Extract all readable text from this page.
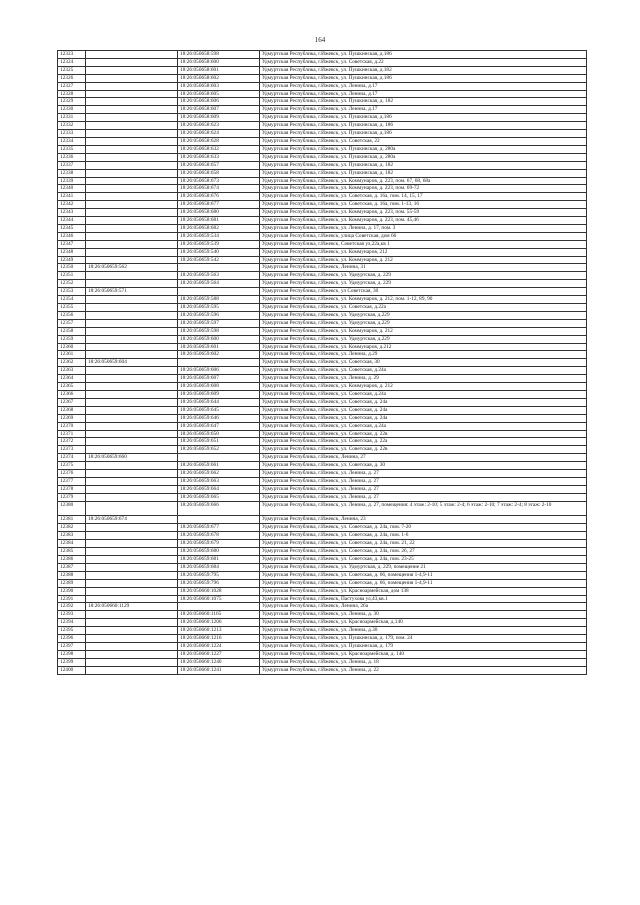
164
12323		18:26:050658:598	Удмуртская Республика, г.Ижевск, ул. Пушкинская, д.186
12324		18:26:050658:600	Удмуртская Республика, г.Ижевск, ул. Советская, д.22
12325		18:26:050658:601	Удмуртская Республика, г.Ижевск, ул. Пушкинская, д.182
12326		18:26:050658:602	Удмуртская Республика, г.Ижевск, ул. Пушкинская, д.186
12327		18:26:050658:603	Удмуртская Республика, г.Ижевск, ул. Ленина, д.17
12328		18:26:050658:605	Удмуртская Республика, г.Ижевск, ул. Ленина, д.17
12329		18:26:050658:606	Удмуртская Республика, г.Ижевск, ул. Пушкинская, д. 182
12330		18:26:050658:607	Удмуртская Республика, г.Ижевск, ул. Ленина, д.17
12331		18:26:050658:609	Удмуртская Республика, г.Ижевск, ул. Пушкинская, д.186
12332		18:26:050658:623	Удмуртская Республика, г.Ижевск, ул. Пушкинская, д. 186
12333		18:26:050658:624	Удмуртская Республика, г.Ижевск, ул. Пушкинская, д.186
12334		18:26:050658:628	Удмуртская Республика, г.Ижевск, ул. Советская, 22
12335		18:26:050658:632	Удмуртская Республика, г.Ижевск, ул. Пушкинская, д. 280а
12336		18:26:050658:633	Удмуртская Республика, г.Ижевск, ул. Пушкинская, д. 280а
12337		18:26:050658:657	Удмуртская Республика, г.Ижевск, ул. Пушкинская, д. 182
12338		18:26:050658:658	Удмуртская Республика, г.Ижевск, ул. Пушкинская, д. 182
12339		18:26:050658:673	Удмуртская Республика, г.Ижевск, ул. Коммунаров, д. 223, пом. 67, 68, 68а
12340		18:26:050658:674	Удмуртская Республика, г.Ижевск, ул. Коммунаров, д. 223, пом. 69-72
12341		18:26:050658:676	Удмуртская Республика, г.Ижевск, ул. Советская, д. 16а, пом. 14, 15, 17
12342		18:26:050658:677	Удмуртская Республика, г.Ижевск, ул. Советская, д. 16а, пом. 1-13, 16
12343		18:26:050658:680	Удмуртская Республика, г.Ижевск, ул. Коммунаров, д. 223, пом. 55-59
12344		18:26:050658:681	Удмуртская Республика, г.Ижевск, ул. Коммунаров, д. 223, пом. 45,46
12345		18:26:050658:682	Удмуртская Республика, г.Ижевск, ул. Ленина, д. 17, пом. 3
12346		18:26:050659:534	Удмуртская Республика, г.Ижевск, улица Советская, дом 66
12347		18:26:050659:539	Удмуртская Республика, г.Ижевск, Советская ул,22а,кв 1
12348		18:26:050659:540	Удмуртская Республика, г.Ижевск, ул. Коммунаров, 212
12349		18:26:050659:542	Удмуртская Республика, г.Ижевск, ул. Коммунаров, д. 212
12350	18:26:050659:562		Удмуртская Республика, г.Ижевск, Ленина, 31
12351		18:26:050659:563	Удмуртская Республика, г.Ижевск, ул. Удмуртская, д. 229
12352		18:26:050659:564	Удмуртская Республика, г.Ижевск, ул. Удмуртская, д. 229
12353	18:26:050659:571		Удмуртская Республика, г.Ижевск, ул Советская, 30
12354		18:26:050659:588	Удмуртская Республика, г.Ижевск, ул. Коммунаров, д. 212, пом. 1-12, 89, 90
12355		18:26:050659:595	Удмуртская Республика, г.Ижевск, ул. Советская, д.22а
12356		18:26:050659:596	Удмуртская Республика, г.Ижевск, ул. Удмуртская, д.229
12357		18:26:050659:597	Удмуртская Республика, г.Ижевск, ул. Удмуртская, д.229
12358		18:26:050659:598	Удмуртская Республика, г.Ижевск, ул. Коммунаров, д. 212
12359		18:26:050659:600	Удмуртская Республика, г.Ижевск, ул. Удмуртская, д.229
12360		18:26:050659:601	Удмуртская Республика, г.Ижевск, ул. Коммунаров, д.212
12361		18:26:050659:602	Удмуртская Республика, г.Ижевск, ул. Ленина, д.29
12362	18:26:050659:604		Удмуртская Республика, г.Ижевск, ул. Советская, 30
12363		18:26:050659:606	Удмуртская Республика, г.Ижевск, ул. Советская, д.24а
12364		18:26:050659:607	Удмуртская Республика, г.Ижевск, ул. Ленина, д. 29
12365		18:26:050659:608	Удмуртская Республика, г.Ижевск, ул. Коммунаров, д. 212
12366		18:26:050659:609	Удмуртская Республика, г.Ижевск, ул. Советская, д.24а
12367		18:26:050659:644	Удмуртская Республика, г.Ижевск, ул. Советская, д. 24а
12368		18:26:050659:645	Удмуртская Республика, г.Ижевск, ул. Советская, д. 24а
12369		18:26:050659:646	Удмуртская Республика, г.Ижевск, ул. Советская, д. 24а
12370		18:26:050659:647	Удмуртская Республика, г.Ижевск, ул. Советская, д.24а
12371		18:26:050659:650	Удмуртская Республика, г.Ижевск, ул. Советская, д. 22в
12372		18:26:050659:651	Удмуртская Республика, г.Ижевск, ул. Советская, д. 22а
12373		18:26:050659:652	Удмуртская Республика, г.Ижевск, ул. Советская, д. 22в
12374	18:26:050659:660		Удмуртская Республика, г.Ижевск, Ленина, 27
12375		18:26:050659:661	Удмуртская Республика, г.Ижевск, ул. Советская, д. 30
12376		18:26:050659:662	Удмуртская Республика, г.Ижевск, ул. Ленина, д. 27
12377		18:26:050659:663	Удмуртская Республика, г.Ижевск, ул. Ленина, д. 27
12378		18:26:050659:664	Удмуртская Республика, г.Ижевск, ул. Ленина, д. 27
12379		18:26:050659:665	Удмуртская Республика, г.Ижевск, ул. Ленина, д. 27
12380		18:26:050659:666	Удмуртская Республика, г.Ижевск, ул. Ленина, д. 27, помещения: 4 этаж: 2-10; 5 этаж: 2-4; 6 этаж: 2-10; 7 этаж: 2-4; 8 этаж: 2-10
12381	18:26:050659:674		Удмуртская Республика, г.Ижевск, Ленина, 23
12382		18:26:050659:677	Удмуртская Республика, г.Ижевск, ул. Советская, д. 24а, пом. 7-20
12383		18:26:050659:678	Удмуртская Республика, г.Ижевск, ул. Советская, д. 24а, пом. 1-6
12384		18:26:050659:679	Удмуртская Республика, г.Ижевск, ул. Советская, д. 24а, пом. 21, 22
12385		18:26:050659:680	Удмуртская Республика, г.Ижевск, ул. Советская, д. 24а, пом. 26, 27
12386		18:26:050659:681	Удмуртская Республика, г.Ижевск, ул. Советская, д. 24а, пом. 23-25
12387		18:26:050659:684	Удмуртская Республика, г.Ижевск, ул. Удмуртская, д. 229, помещение 21
12388		18:26:050659:795	Удмуртская Республика, г.Ижевск, ул. Советская, д. 66, помещения 1-4,9-11
12389		18:26:050659:796	Удмуртская Республика, г.Ижевск, ул. Советская, д. 66, помещения 1-4,9-11
12390		18:26:050660:1028	Удмуртская Республика, г.Ижевск, ул. Красноармейская, дом 138
12391		18:26:050660:1075	Удмуртская Республика, г.Ижевск, Пастухова ул,43,кв.1
12392	18:26:050660:1129		Удмуртская Республика, г.Ижевск, Ленина, 26а
12393		18:26:050660:1165	Удмуртская Республика, г.Ижевск, ул. Ленина, д. 30
12394		18:26:050660:1206	Удмуртская Республика, г.Ижевск, ул. Красноармейская, д.140
12395		18:26:050660:1213	Удмуртская Республика, г.Ижевск, ул. Ленина, д.30
12396		18:26:050660:1216	Удмуртская Республика, г.Ижевск, ул. Пушкинская, д. 179, пом. 24
12397		18:26:050660:1224	Удмуртская Республика, г.Ижевск, ул. Пушкинская, д. 179
12398		18:26:050660:1227	Удмуртская Республика, г.Ижевск, ул. Красноармейская, д. 140
12399		18:26:050660:1240	Удмуртская Республика, г.Ижевск, ул. Ленина, д. 18
12400		18:26:050660:1241	Удмуртская Республика, г.Ижевск, ул. Ленина, д. 22
